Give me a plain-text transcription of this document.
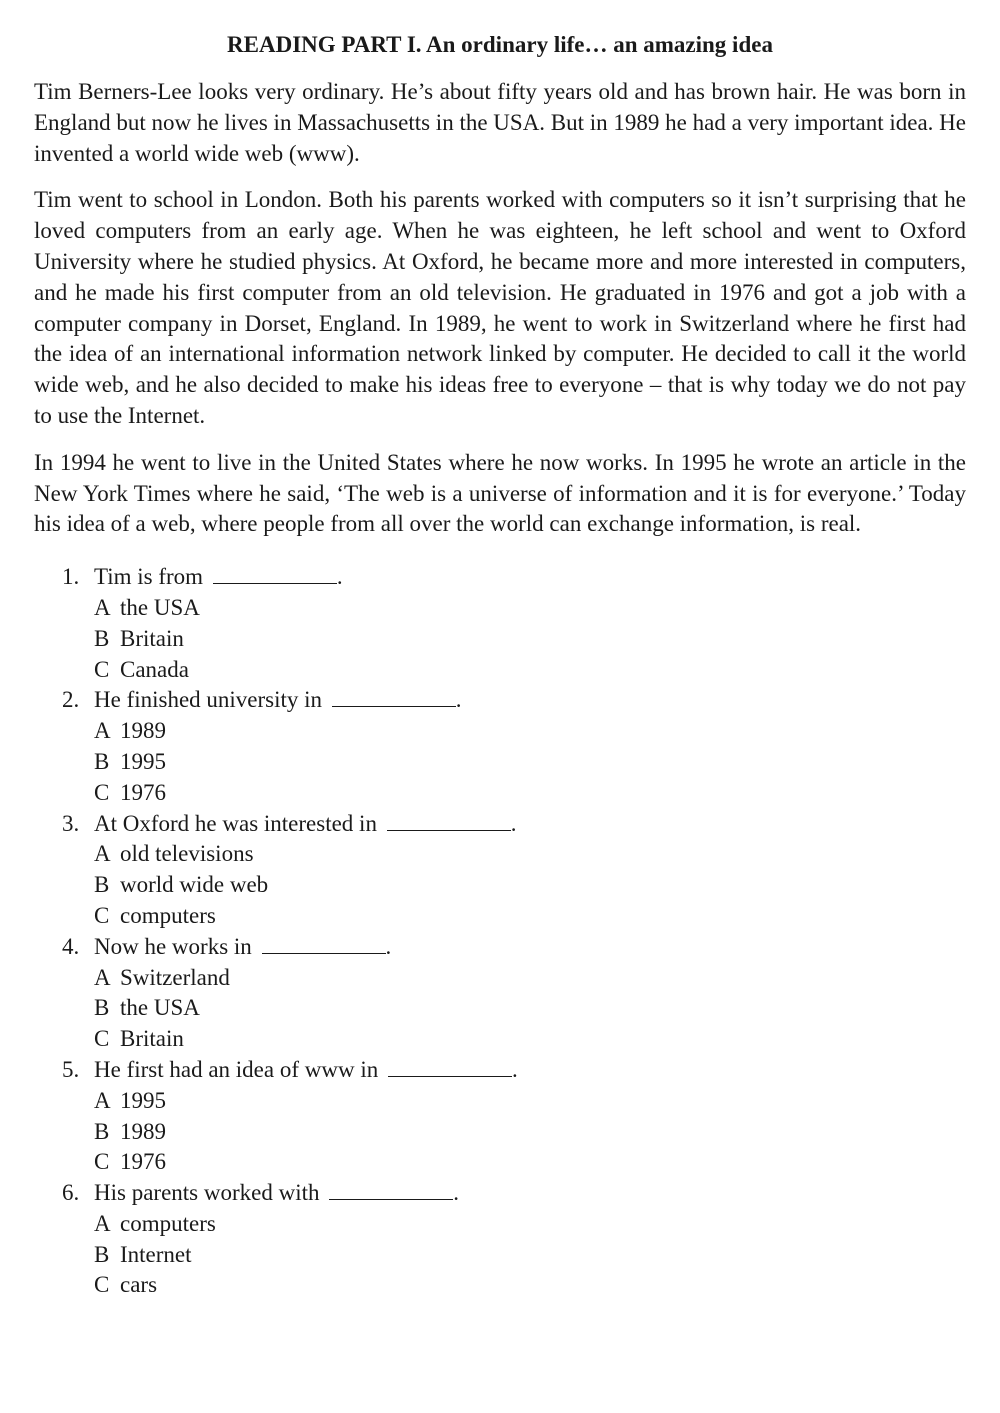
READING PART I. An ordinary life… an amazing idea

Tim Berners-Lee looks very ordinary. He’s about fifty years old and has brown hair. He was born in England but now he lives in Massachusetts in the USA. But in 1989 he had a very important idea. He invented a world wide web (www).

Tim went to school in London. Both his parents worked with computers so it isn’t surprising that he loved computers from an early age. When he was eighteen, he left school and went to Oxford University where he studied physics. At Oxford, he became more and more interested in computers, and he made his first computer from an old television. He graduated in 1976 and got a job with a computer company in Dorset, England. In 1989, he went to work in Switzerland where he first had the idea of an international information network linked by computer. He decided to call it the world wide web, and he also decided to make his ideas free to everyone – that is why today we do not pay to use the Internet.

In 1994 he went to live in the United States where he now works. In 1995 he wrote an article in the New York Times where he said, ‘The web is a universe of information and it is for everyone.’ Today his idea of a web, where people from all over the world can exchange information, is real.

1. Tim is from	.
A the USA
B Britain
C Canada
2. He finished university in	.
A 1989
B 1995
C 1976
3. At Oxford he was interested in	.
A old televisions
B world wide web
C computers
4. Now he works in	.
A Switzerland
B the USA
C Britain
5. He first had an idea of www in	.
A 1995
B 1989
C 1976
6. His parents worked with	.
A computers
B Internet
C cars
